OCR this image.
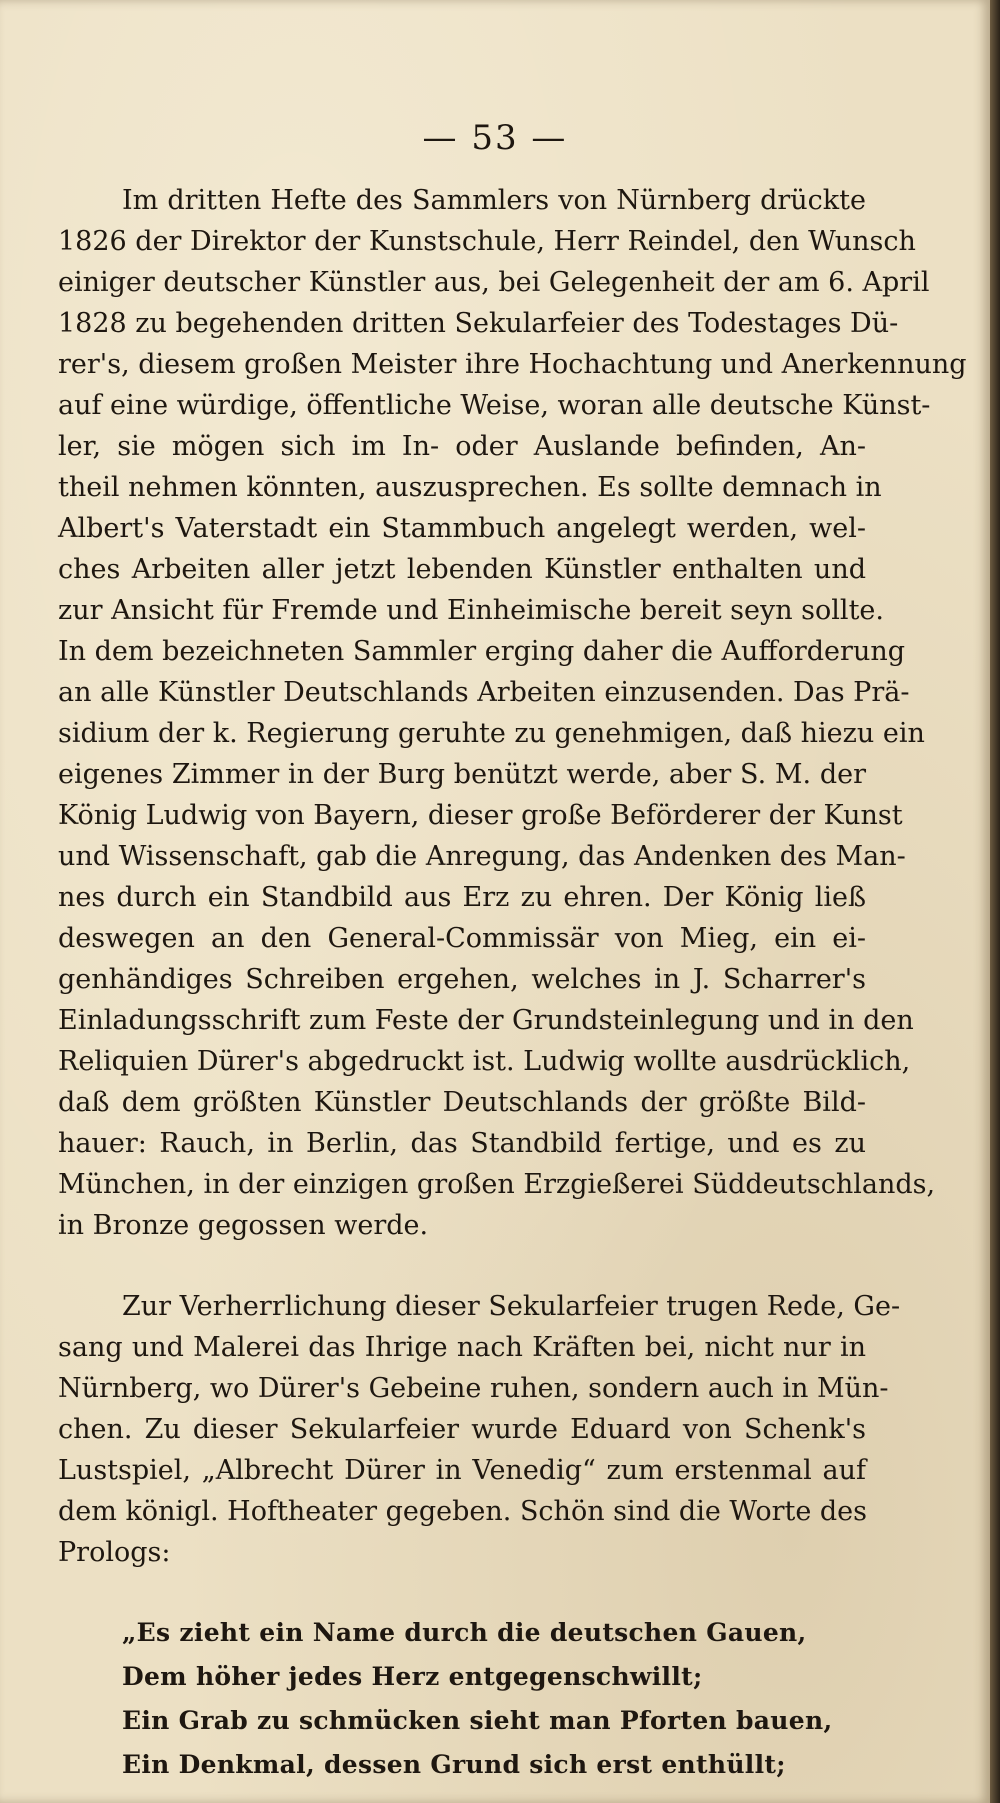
— 53 —
Im dritten Hefte des Sammlers von Nürnberg drückte
1826 der Direktor der Kunstschule, Herr Reindel, den Wunsch
einiger deutscher Künstler aus, bei Gelegenheit der am 6. April
1828 zu begehenden dritten Sekularfeier des Todestages Dü-
rer's, diesem großen Meister ihre Hochachtung und Anerkennung
auf eine würdige, öffentliche Weise, woran alle deutsche Künst-
ler, sie mögen sich im In- oder Auslande befinden, An-
theil nehmen könnten, auszusprechen. Es sollte demnach in
Albert's Vaterstadt ein Stammbuch angelegt werden, wel-
ches Arbeiten aller jetzt lebenden Künstler enthalten und
zur Ansicht für Fremde und Einheimische bereit seyn sollte.
In dem bezeichneten Sammler erging daher die Aufforderung
an alle Künstler Deutschlands Arbeiten einzusenden. Das Prä-
sidium der k. Regierung geruhte zu genehmigen, daß hiezu ein
eigenes Zimmer in der Burg benützt werde, aber S. M. der
König Ludwig von Bayern, dieser große Beförderer der Kunst
und Wissenschaft, gab die Anregung, das Andenken des Man-
nes durch ein Standbild aus Erz zu ehren. Der König ließ
deswegen an den General-Commissär von Mieg, ein ei-
genhändiges Schreiben ergehen, welches in J. Scharrer's
Einladungsschrift zum Feste der Grundsteinlegung und in den
Reliquien Dürer's abgedruckt ist. Ludwig wollte ausdrücklich,
daß dem größten Künstler Deutschlands der größte Bild-
hauer: Rauch, in Berlin, das Standbild fertige, und es zu
München, in der einzigen großen Erzgießerei Süddeutschlands,
in Bronze gegossen werde.
Zur Verherrlichung dieser Sekularfeier trugen Rede, Ge-
sang und Malerei das Ihrige nach Kräften bei, nicht nur in
Nürnberg, wo Dürer's Gebeine ruhen, sondern auch in Mün-
chen. Zu dieser Sekularfeier wurde Eduard von Schenk's
Lustspiel, „Albrecht Dürer in Venedig“ zum erstenmal auf
dem königl. Hoftheater gegeben. Schön sind die Worte des
Prologs:
„Es zieht ein Name durch die deutschen Gauen,
Dem höher jedes Herz entgegenschwillt;
Ein Grab zu schmücken sieht man Pforten bauen,
Ein Denkmal, dessen Grund sich erst enthüllt;
